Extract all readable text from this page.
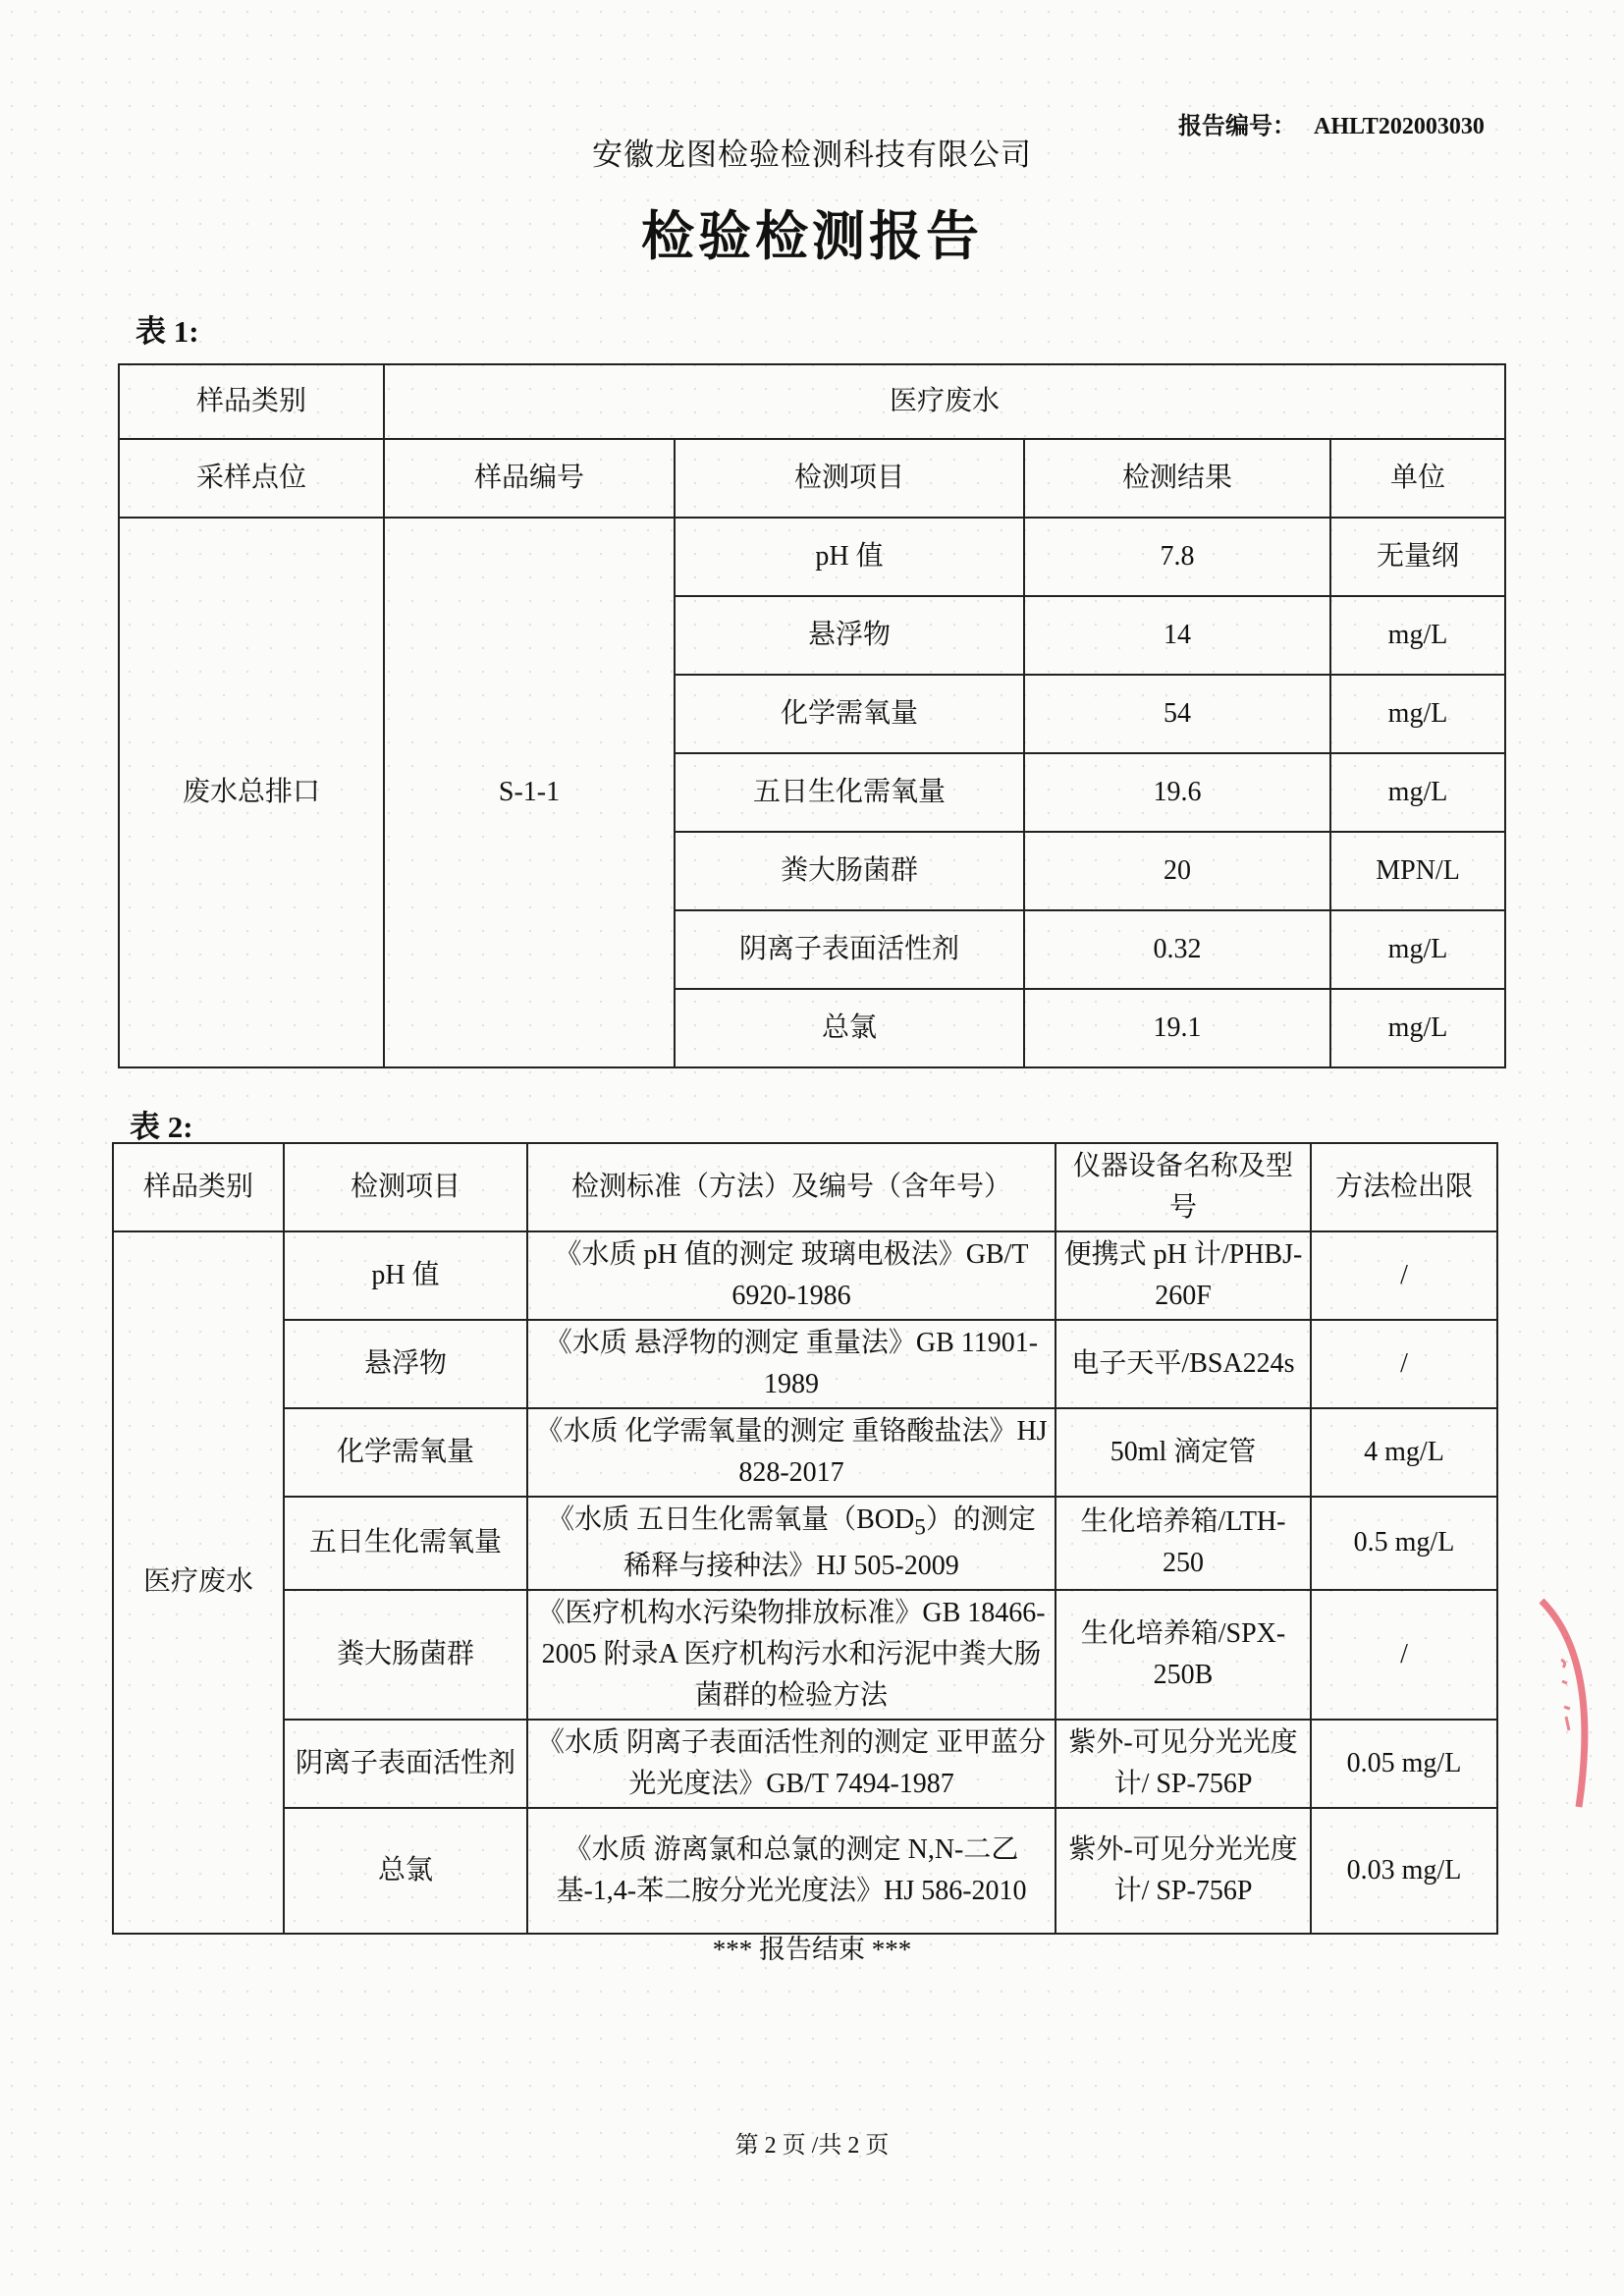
报告编号： AHLT202003030
安徽龙图检验检测科技有限公司
检验检测报告
表 1:
样品类别	医疗废水			
采样点位	样品编号	检测项目	检测结果	单位
废水总排口	S-1-1	pH 值	7.8	无量纲
		悬浮物	14	mg/L
		化学需氧量	54	mg/L
		五日生化需氧量	19.6	mg/L
		粪大肠菌群	20	MPN/L
		阴离子表面活性剂	0.32	mg/L
		总氯	19.1	mg/L
表 2:
样品类别	检测项目	检测标准（方法）及编号（含年号）	仪器设备名称及型号	方法检出限
医疗废水	pH 值	《水质 pH 值的测定 玻璃电极法》GB/T 6920-1986	便携式 pH 计/PHBJ-260F	/
	悬浮物	《水质 悬浮物的测定 重量法》GB 11901-1989	电子天平/BSA224s	/
	化学需氧量	《水质 化学需氧量的测定 重铬酸盐法》HJ 828-2017	50ml 滴定管	4 mg/L
	五日生化需氧量	《水质 五日生化需氧量$(BOD_5)$的测定 稀释与接种法》HJ 505-2009	生化培养箱/LTH-250	0.5 mg/L
	粪大肠菌群	《医疗机构水污染物排放标准》GB 18466-2005 附录A 医疗机构污水和污泥中粪大肠菌群的检验方法	生化培养箱/SPX-250B	/
	阴离子表面活性剂	《水质 阴离子表面活性剂的测定 亚甲蓝分光光度法》GB/T 7494-1987	紫外-可见分光光度计/ SP-756P	0.05 mg/L
	总氯	《水质 游离氯和总氯的测定 N,N-二乙基-1,4-苯二胺分光光度法》HJ 586-2010	紫外-可见分光光度计/ SP-756P	0.03 mg/L
*** 报告结束 ***
第 2 页 /共 2 页
